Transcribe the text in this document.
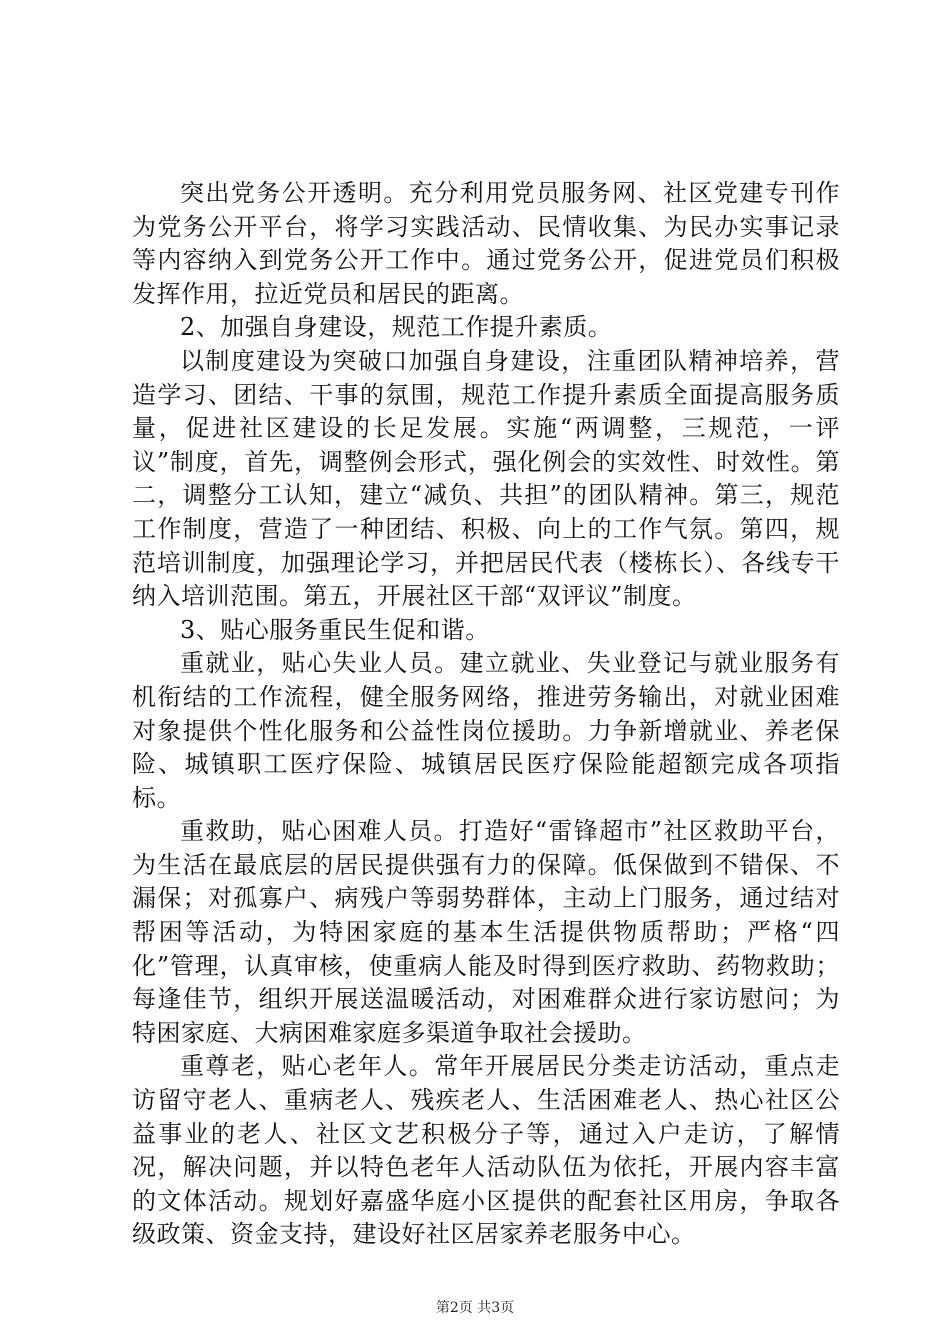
突出党务公开透明。充分利用党员服务网、社区党建专刊作为党务公开平台，将学习实践活动、民情收集、为民办实事记录等内容纳入到党务公开工作中。通过党务公开，促进党员们积极发挥作用，拉近党员和居民的距离。

2、加强自身建设，规范工作提升素质。

以制度建设为突破口加强自身建设，注重团队精神培养，营造学习、团结、干事的氛围，规范工作提升素质全面提高服务质量，促进社区建设的长足发展。实施“两调整，三规范，一评议”制度，首先，调整例会形式，强化例会的实效性、时效性。第二，调整分工认知，建立“减负、共担”的团队精神。第三，规范工作制度，营造了一种团结、积极、向上的工作气氛。第四，规范培训制度，加强理论学习，并把居民代表（楼栋长）、各线专干纳入培训范围。第五，开展社区干部“双评议”制度。

3、贴心服务重民生促和谐。

重就业，贴心失业人员。建立就业、失业登记与就业服务有机衔结的工作流程，健全服务网络，推进劳务输出，对就业困难对象提供个性化服务和公益性岗位援助。力争新增就业、养老保险、城镇职工医疗保险、城镇居民医疗保险能超额完成各项指标。

重救助，贴心困难人员。打造好“雷锋超市”社区救助平台，为生活在最底层的居民提供强有力的保障。低保做到不错保、不漏保；对孤寡户、病残户等弱势群体，主动上门服务，通过结对帮困等活动，为特困家庭的基本生活提供物质帮助；严格“四化”管理，认真审核，使重病人能及时得到医疗救助、药物救助；每逢佳节，组织开展送温暖活动，对困难群众进行家访慰问；为特困家庭、大病困难家庭多渠道争取社会援助。

重尊老，贴心老年人。常年开展居民分类走访活动，重点走访留守老人、重病老人、残疾老人、生活困难老人、热心社区公益事业的老人、社区文艺积极分子等，通过入户走访，了解情况，解决问题，并以特色老年人活动队伍为依托，开展内容丰富的文体活动。规划好嘉盛华庭小区提供的配套社区用房，争取各级政策、资金支持，建设好社区居家养老服务中心。

第2页 共3页
